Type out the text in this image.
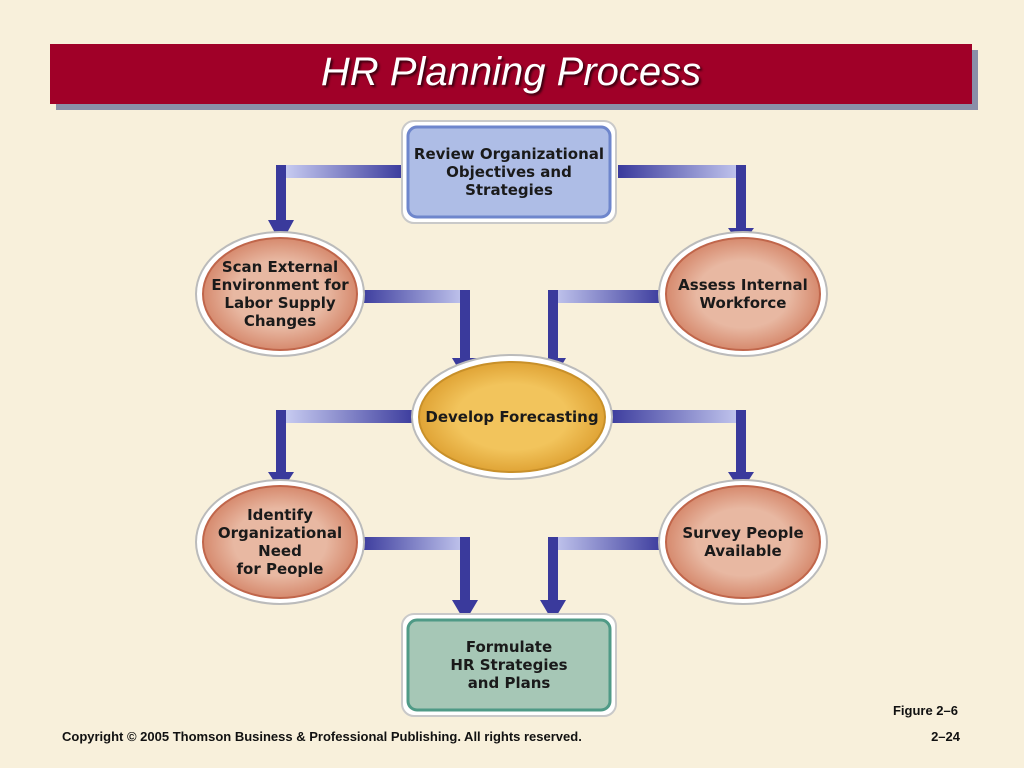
HR Planning Process
Review Organizational
Objectives and
Strategies
Scan External
Environment for
Labor Supply
Changes
Assess Internal
Workforce
Develop Forecasting
Identify
Organizational
Need
for People
Survey People
Available
Formulate
HR Strategies
and Plans
Figure 2–6
Copyright © 2005 Thomson Business & Professional Publishing. All rights reserved.	2–24
